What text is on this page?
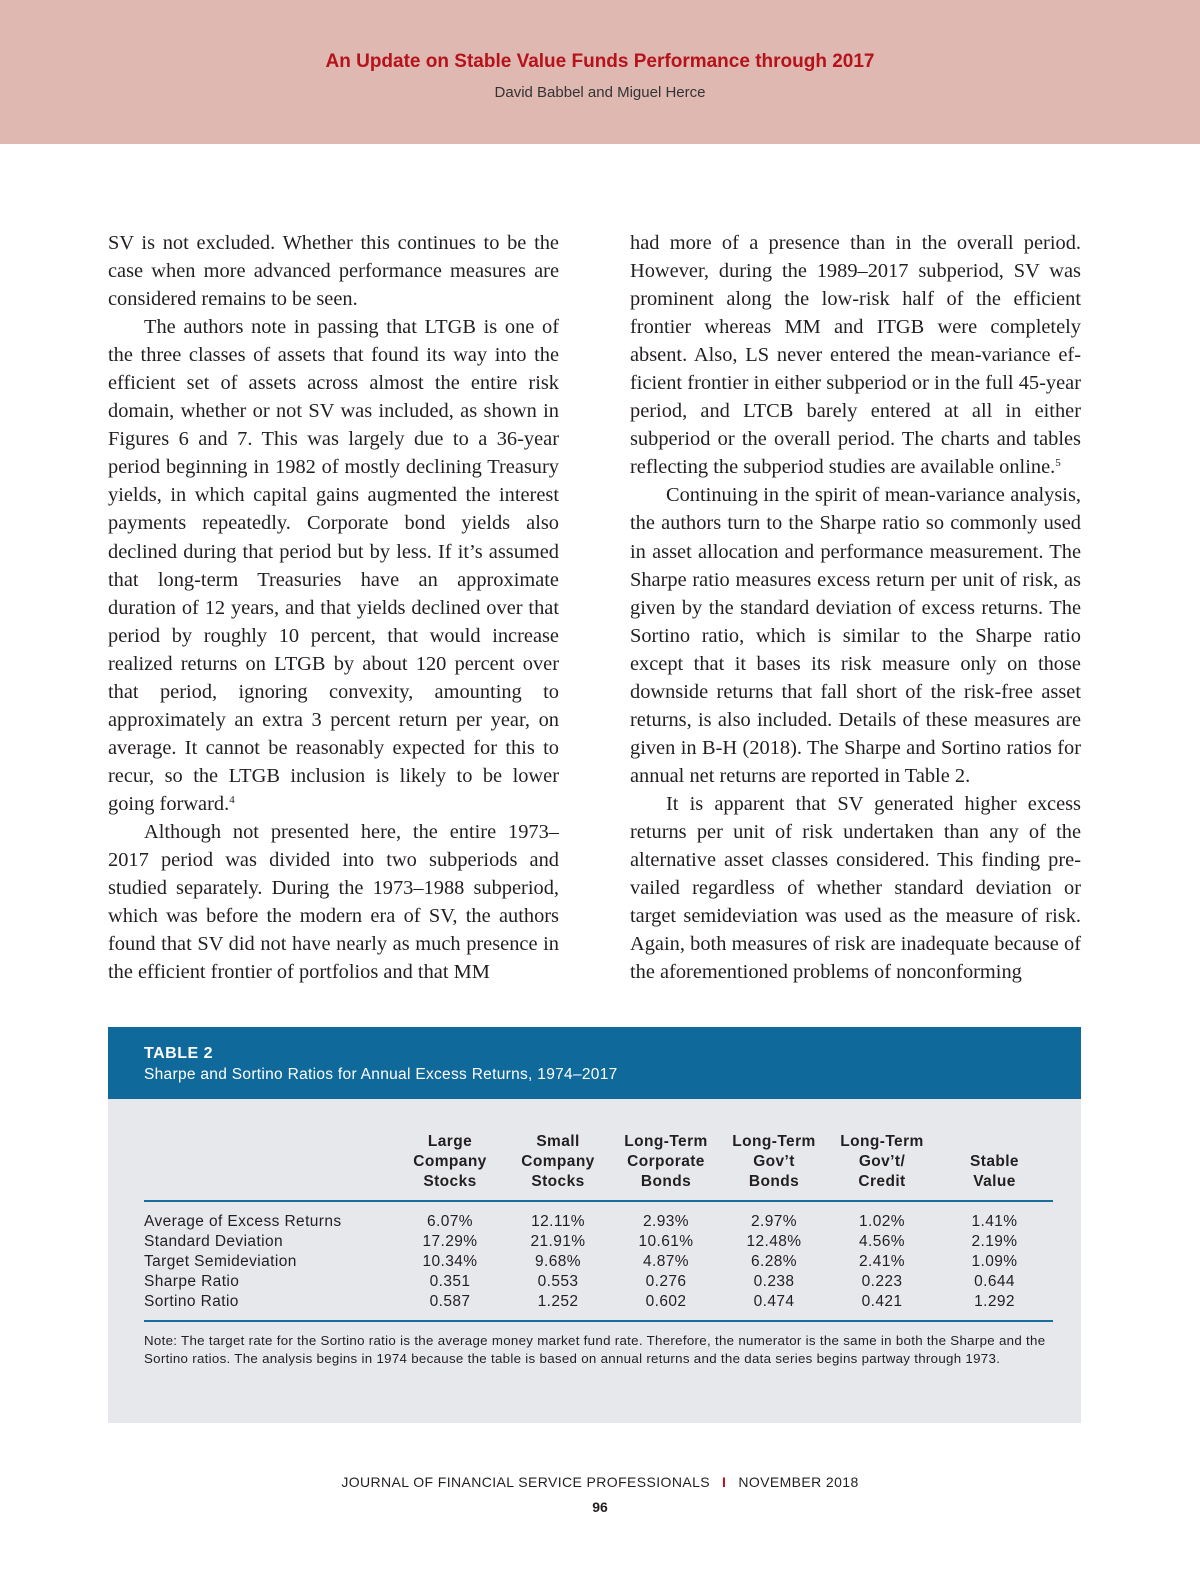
An Update on Stable Value Funds Performance through 2017
David Babbel and Miguel Herce

SV is not excluded. Whether this continues to be the case when more advanced performance measures are considered remains to be seen.

The authors note in passing that LTGB is one of the three classes of assets that found its way into the efficient set of assets across almost the entire risk domain, whether or not SV was included, as shown in Figures 6 and 7. This was largely due to a 36-year period beginning in 1982 of mostly declining Treasury yields, in which capital gains augmented the interest payments repeatedly. Corporate bond yields also declined during that period but by less. If it’s assumed that long-term Treasuries have an approximate duration of 12 years, and that yields declined over that period by roughly 10 percent, that would increase realized returns on LTGB by about 120 percent over that period, ignoring convexity, amounting to approximately an extra 3 percent return per year, on average. It cannot be reasonably expected for this to recur, so the LTGB inclusion is likely to be lower going forward.$^4$

Although not presented here, the entire 1973–2017 period was divided into two subperiods and studied separately. During the 1973–1988 subperiod, which was before the modern era of SV, the authors found that SV did not have nearly as much presence in the efficient frontier of portfolios and that MM

had more of a presence than in the overall period. However, during the 1989–2017 subperiod, SV was prominent along the low-risk half of the efficient frontier whereas MM and ITGB were completely absent. Also, LS never entered the mean-variance efficient frontier in either subperiod or in the full 45-year period, and LTCB barely entered at all in either subperiod or the overall period. The charts and tables reflecting the subperiod studies are available online.$^5$

Continuing in the spirit of mean-variance analysis, the authors turn to the Sharpe ratio so commonly used in asset allocation and performance measurement. The Sharpe ratio measures excess return per unit of risk, as given by the standard deviation of excess returns. The Sortino ratio, which is similar to the Sharpe ratio except that it bases its risk measure only on those downside returns that fall short of the risk-free asset returns, is also included. Details of these measures are given in B-H (2018). The Sharpe and Sortino ratios for annual net returns are reported in Table 2.

It is apparent that SV generated higher excess returns per unit of risk undertaken than any of the alternative asset classes considered. This finding prevailed regardless of whether standard deviation or target semideviation was used as the measure of risk. Again, both measures of risk are inadequate because of the aforementioned problems of nonconforming

TABLE 2
Sharpe and Sortino Ratios for Annual Excess Returns, 1974–2017
	Large
Company
Stocks	Small
Company
Stocks	Long-Term
Corporate
Bonds	Long-Term
Gov’t
Bonds	Long-Term
Gov’t/
Credit	Stable
Value
Average of Excess Returns	6.07%	12.11%	2.93%	2.97%	1.02%	1.41%
Standard Deviation	17.29%	21.91%	10.61%	12.48%	4.56%	2.19%
Target Semideviation	10.34%	9.68%	4.87%	6.28%	2.41%	1.09%
Sharpe Ratio	0.351	0.553	0.276	0.238	0.223	0.644
Sortino Ratio	0.587	1.252	0.602	0.474	0.421	1.292
Note: The target rate for the Sortino ratio is the average money market fund rate. Therefore, the numerator is the same in both the Sharpe and the Sortino ratios. The analysis begins in 1974 because the table is based on annual returns and the data series begins partway through 1973.
JOURNAL OF FINANCIAL SERVICE PROFESSIONALS I NOVEMBER 2018
96
